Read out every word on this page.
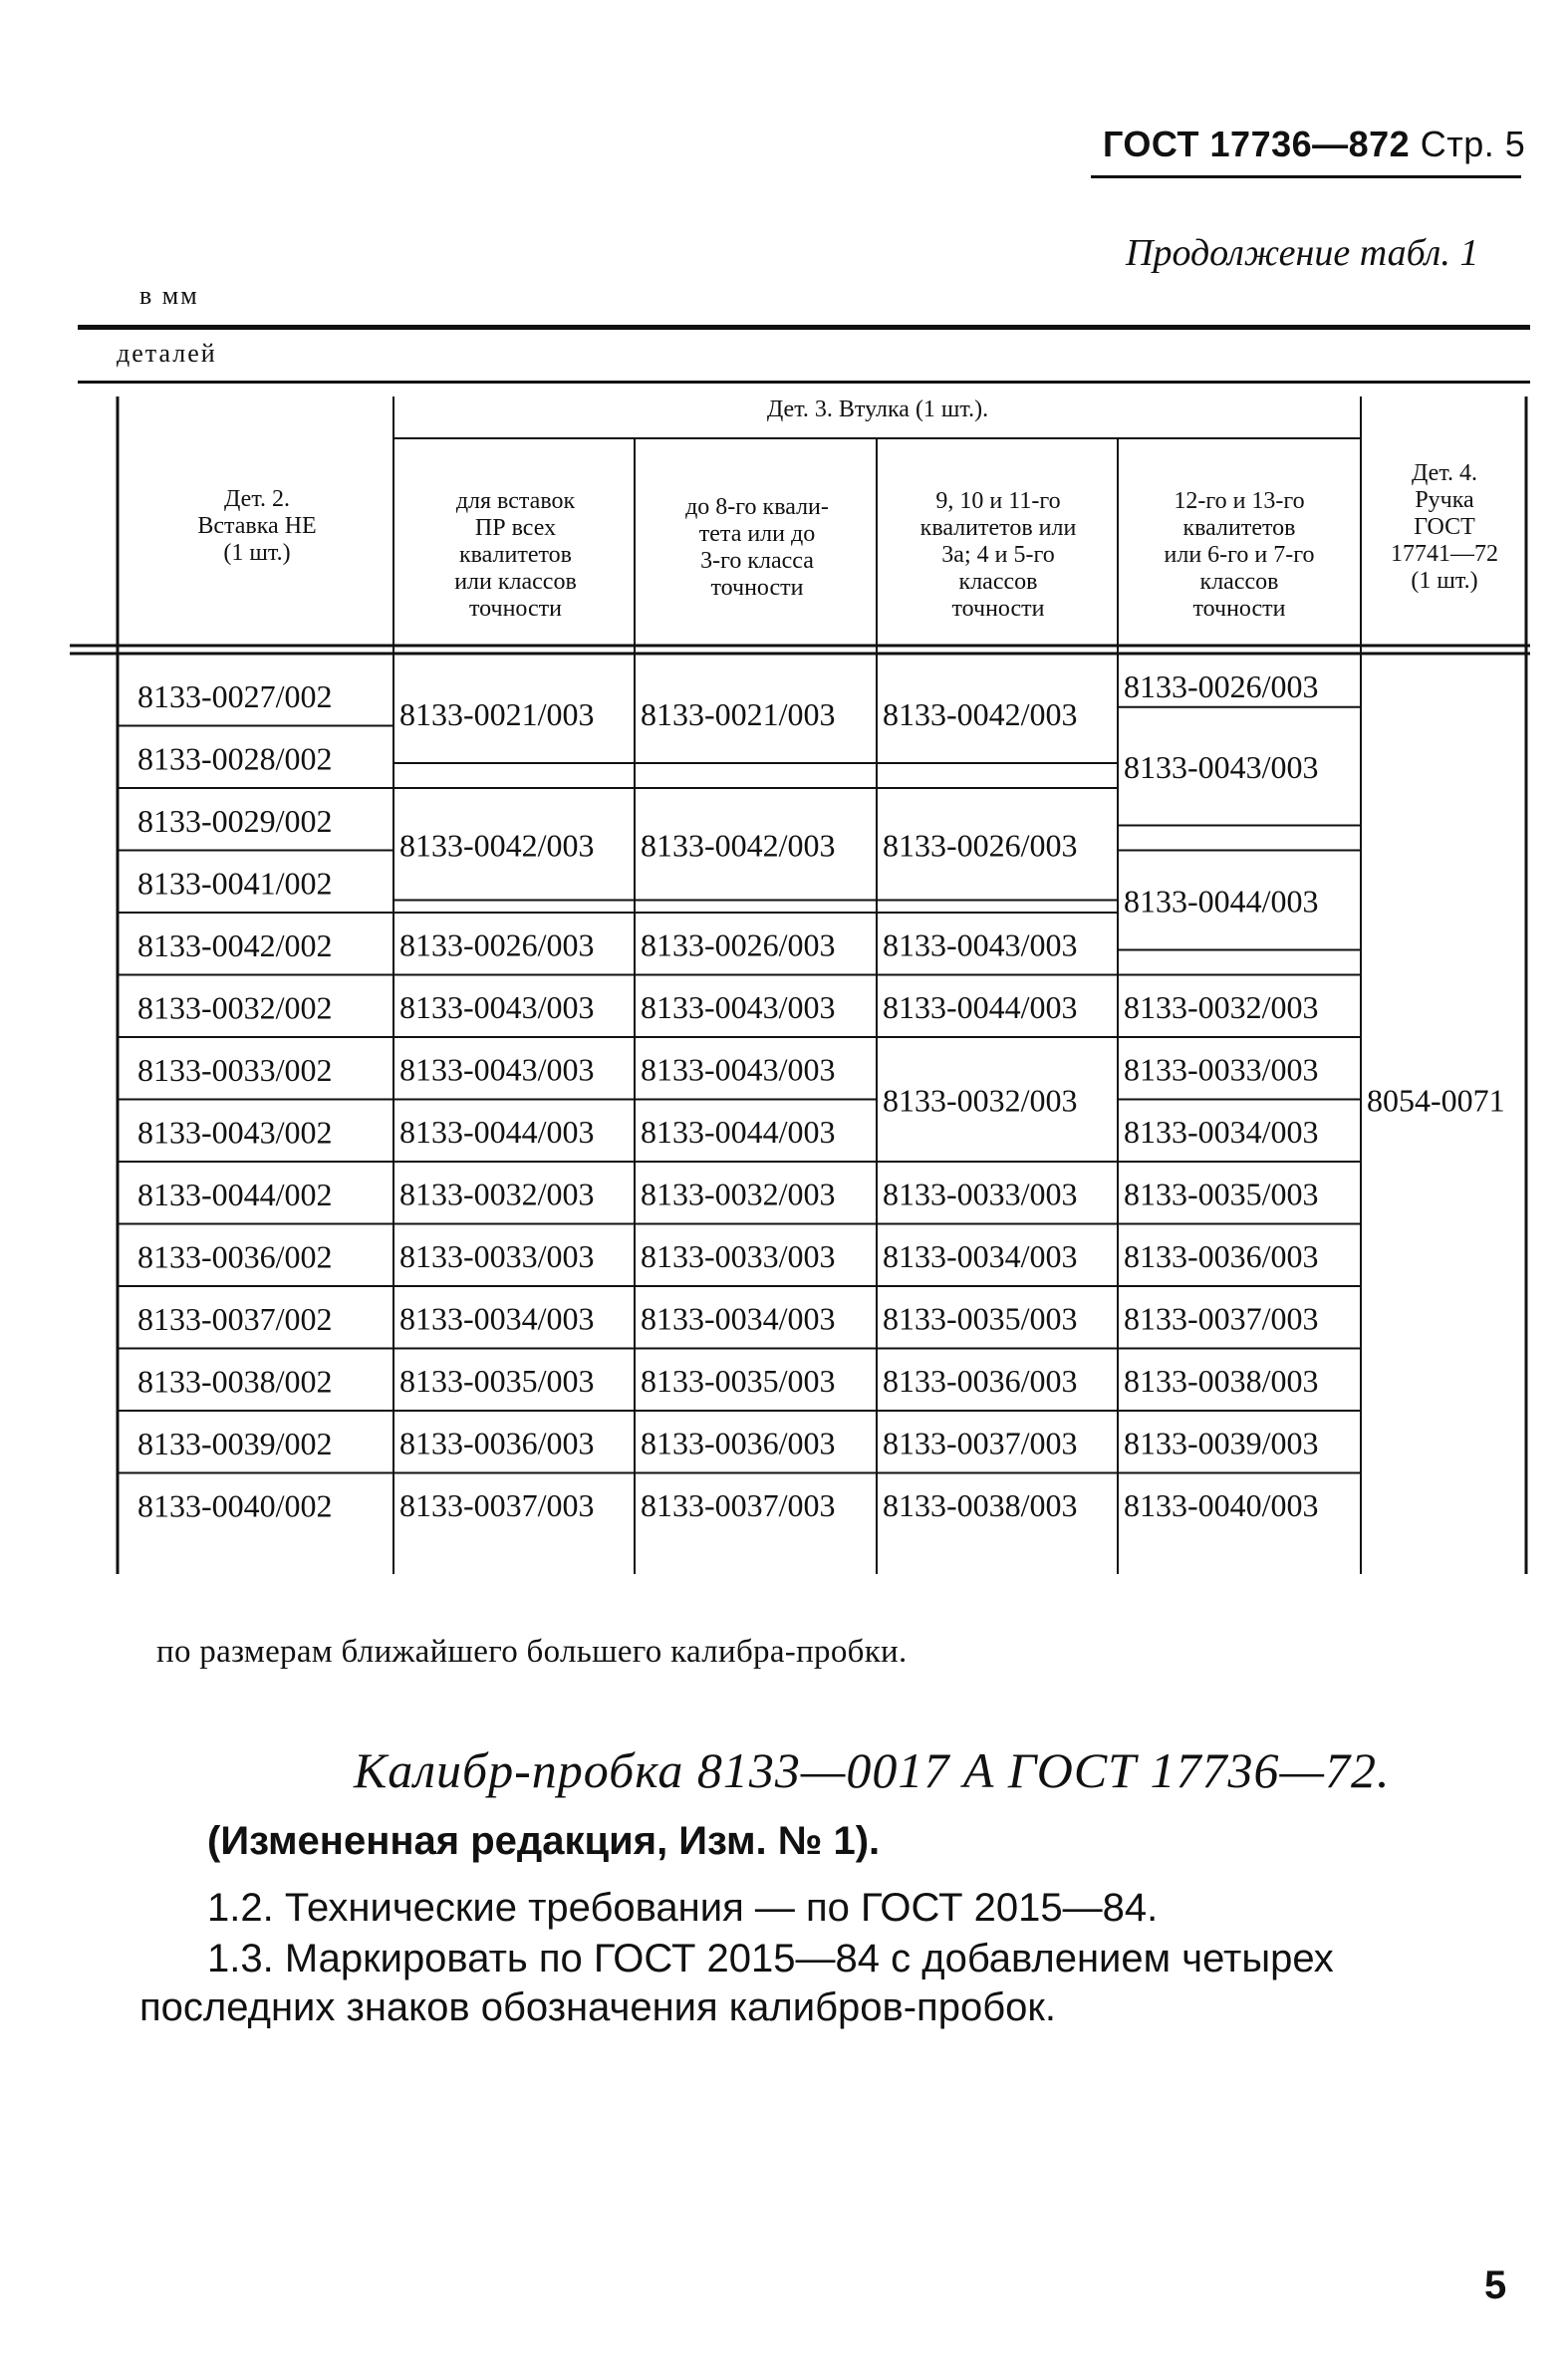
ГОСТ 17736—872 Стр. 5
Продолжение табл. 1
в мм
деталей
8133-0027/002
8133-0028/002
8133-0029/002
8133-0041/002
8133-0042/002
8133-0032/002
8133-0033/002
8133-0043/002
8133-0044/002
8133-0036/002
8133-0037/002
8133-0038/002
8133-0039/002
8133-0040/002
8133-0021/003
8133-0042/003
8133-0026/003
8133-0043/003
8133-0043/003
8133-0044/003
8133-0032/003
8133-0033/003
8133-0034/003
8133-0035/003
8133-0036/003
8133-0037/003
8133-0021/003
8133-0042/003
8133-0026/003
8133-0043/003
8133-0043/003
8133-0044/003
8133-0032/003
8133-0033/003
8133-0034/003
8133-0035/003
8133-0036/003
8133-0037/003
8133-0042/003
8133-0026/003
8133-0043/003
8133-0044/003
8133-0032/003
8133-0033/003
8133-0034/003
8133-0035/003
8133-0036/003
8133-0037/003
8133-0038/003
8133-0026/003
8133-0043/003
8133-0044/003
8133-0032/003
8133-0033/003
8133-0034/003
8133-0035/003
8133-0036/003
8133-0037/003
8133-0038/003
8133-0039/003
8133-0040/003
8054-0071
Дет. 2.
Вставка НЕ
(1 шт.)
Дет. 3. Втулка (1 шт.).
для вставок
ПР всех
квалитетов
или классов
точности
до 8-го квали-
тета или до
3-го класса
точности
9, 10 и 11-го
квалитетов или
3а; 4 и 5-го
классов
точности
12-го и 13-го
квалитетов
или 6-го и 7-го
классов
точности
Дет. 4.
Ручка
ГОСТ
17741—72
(1 шт.)
по размерам ближайшего большего калибра-пробки.
Калибр-пробка 8133—0017 А ГОСТ 17736—72.
(Измененная редакция, Изм. № 1).
1.2. Технические требования — по ГОСТ 2015—84.
1.3. Маркировать по ГОСТ 2015—84 с добавлением четырех
последних знаков обозначения калибров-пробок.
5
